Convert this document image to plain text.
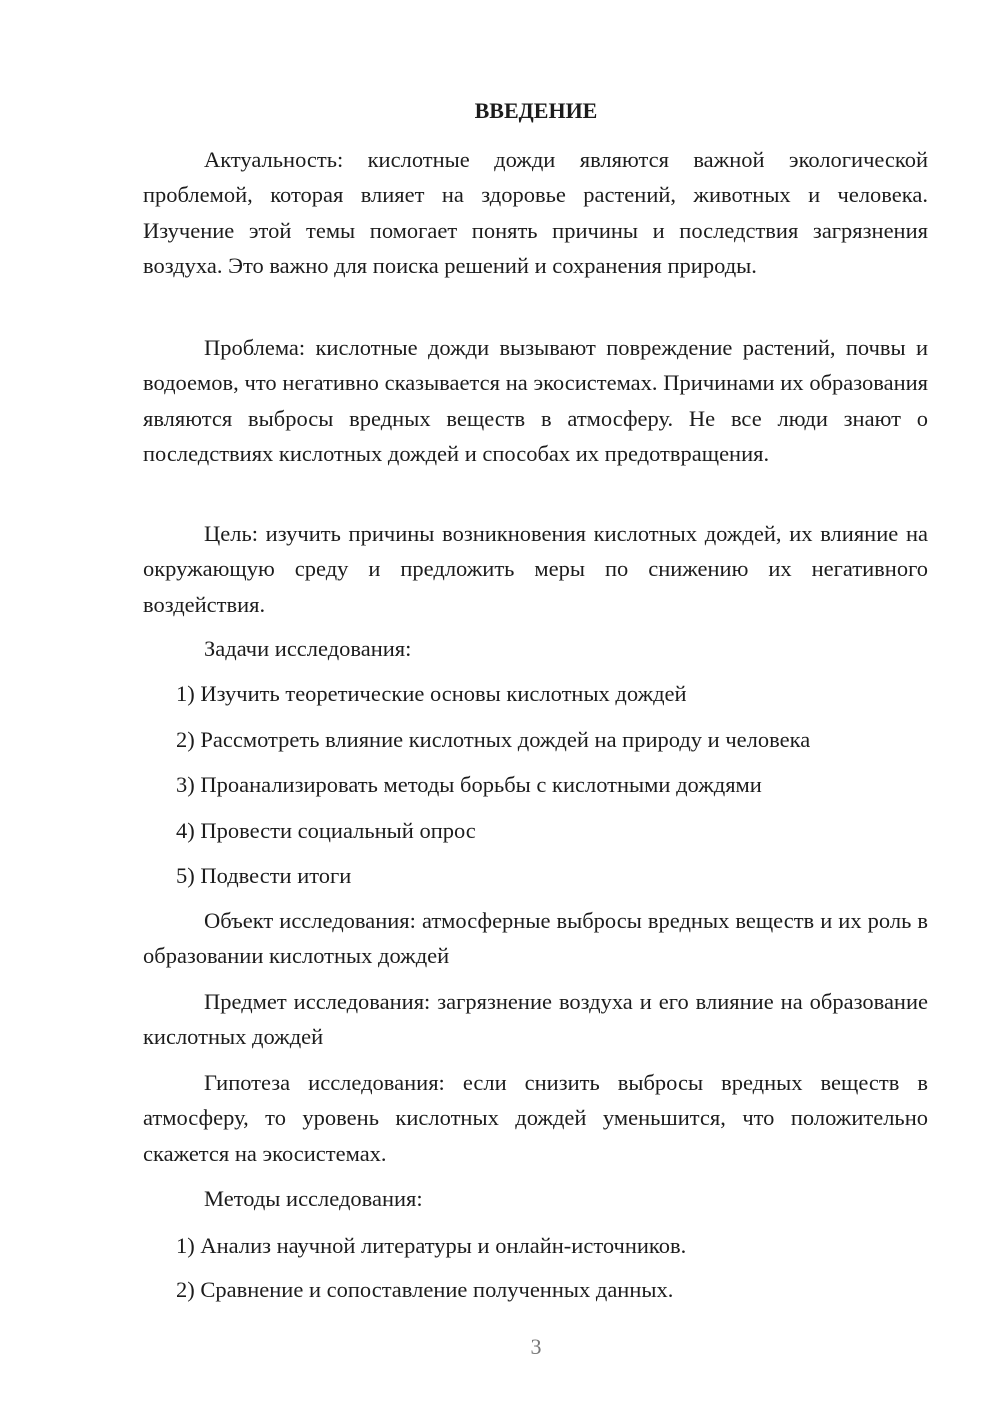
ВВЕДЕНИЕ
Актуальность: кислотные дожди являются важной экологической проблемой, которая влияет на здоровье растений, животных и человека. Изучение этой темы помогает понять причины и последствия загрязнения воздуха. Это важно для поиска решений и сохранения природы.
Проблема: кислотные дожди вызывают повреждение растений, почвы и водоемов, что негативно сказывается на экосистемах. Причинами их образования являются выбросы вредных веществ в атмосферу. Не все люди знают о последствиях кислотных дождей и способах их предотвращения.
Цель: изучить причины возникновения кислотных дождей, их влияние на окружающую среду и предложить меры по снижению их негативного воздействия.
Задачи исследования:
1) Изучить теоретические основы кислотных дождей
2) Рассмотреть влияние кислотных дождей на природу и человека
3) Проанализировать методы борьбы с кислотными дождями
4) Провести социальный опрос
5) Подвести итоги
Объект исследования: атмосферные выбросы вредных веществ и их роль в образовании кислотных дождей
Предмет исследования: загрязнение воздуха и его влияние на образование кислотных дождей
Гипотеза исследования: если снизить выбросы вредных веществ в атмосферу, то уровень кислотных дождей уменьшится, что положительно скажется на экосистемах.
Методы исследования:
1) Анализ научной литературы и онлайн-источников.
2) Сравнение и сопоставление полученных данных.
3
